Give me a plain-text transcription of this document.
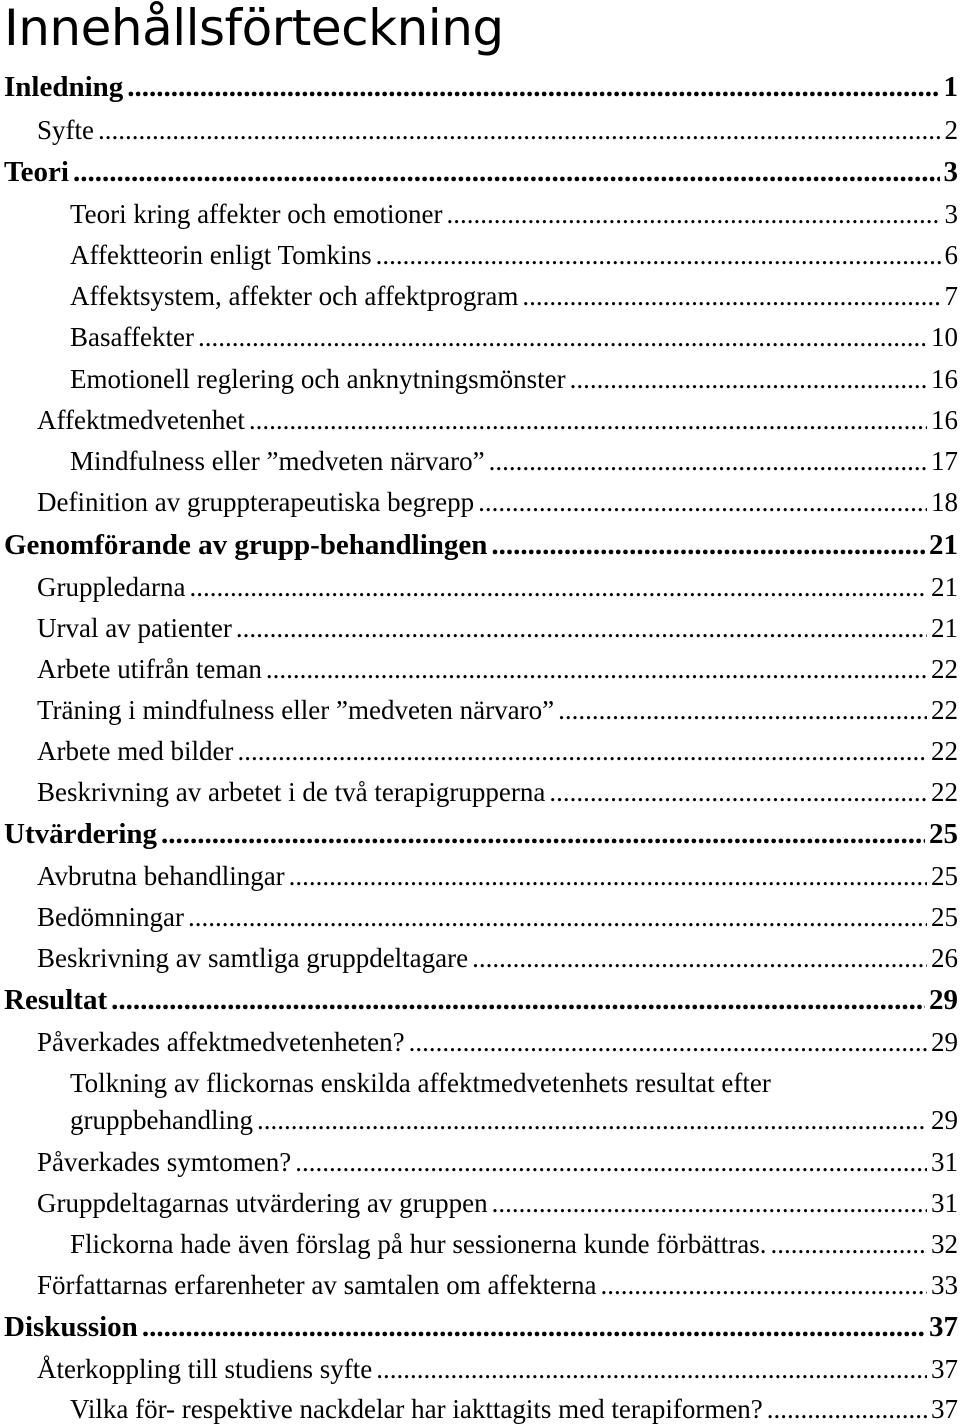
Innehållsförteckning
Inledning .....	1
Syfte .....	2
Teori .....	3
Teori kring affekter och emotioner .....	3
Affektteorin enligt Tomkins .....	6
Affektsystem, affekter och affektprogram .....	7
Basaffekter .....	10
Emotionell reglering och anknytningsmönster .....	16
Affektmedvetenhet .....	16
Mindfulness eller ”medveten närvaro” .....	17
Definition av gruppterapeutiska begrepp .....	18
Genomförande av grupp-behandlingen .....	21
Gruppledarna .....	21
Urval av patienter .....	21
Arbete utifrån teman .....	22
Träning i mindfulness eller ”medveten närvaro” .....	22
Arbete med bilder .....	22
Beskrivning av arbetet i de två terapigrupperna .....	22
Utvärdering .....	25
Avbrutna behandlingar .....	25
Bedömningar .....	25
Beskrivning av samtliga gruppdeltagare .....	26
Resultat .....	29
Påverkades affektmedvetenheten? .....	29
Tolkning av flickornas enskilda affektmedvetenhets resultat efter
gruppbehandling .....	29
Påverkades symtomen? .....	31
Gruppdeltagarnas utvärdering av gruppen .....	31
Flickorna hade även förslag på hur sessionerna kunde förbättras. .....	32
Författarnas erfarenheter av samtalen om affekterna .....	33
Diskussion .....	37
Återkoppling till studiens syfte .....	37
Vilka för- respektive nackdelar har iakttagits med terapiformen? .....	37
